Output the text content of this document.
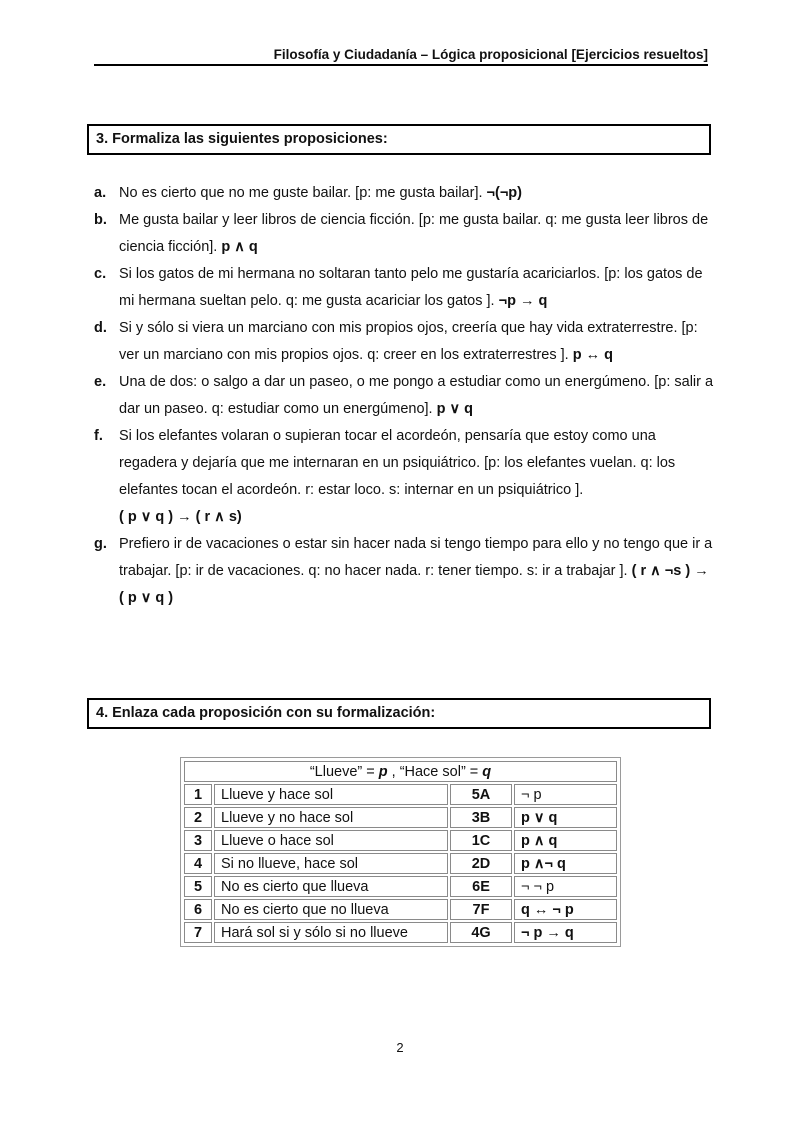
Filosofía y Ciudadanía – Lógica proposicional [Ejercicios resueltos]
3. Formaliza las siguientes proposiciones:
a. No es cierto que no me guste bailar. [p: me gusta bailar]. ¬(¬p)
b. Me gusta bailar y leer libros de ciencia ficción. [p: me gusta bailar. q: me gusta leer libros de ciencia ficción]. p ∧ q
c. Si los gatos de mi hermana no soltaran tanto pelo me gustaría acariciarlos. [p: los gatos de mi hermana sueltan pelo. q: me gusta acariciar los gatos ]. ¬p → q
d. Si y sólo si viera un marciano con mis propios ojos, creería que hay vida extraterrestre. [p: ver un marciano con mis propios ojos. q: creer en los extraterrestres ]. p ↔ q
e. Una de dos: o salgo a dar un paseo, o me pongo a estudiar como un energúmeno. [p: salir a dar un paseo. q: estudiar como un energúmeno]. p ∨ q
f. Si los elefantes volaran o supieran tocar el acordeón, pensaría que estoy como una regadera y dejaría que me internaran en un psiquiátrico. [p: los elefantes vuelan. q: los elefantes tocan el acordeón. r: estar loco. s: internar en un psiquiátrico ].
( p ∨ q ) → ( r ∧ s)
g. Prefiero ir de vacaciones o estar sin hacer nada si tengo tiempo para ello y no tengo que ir a trabajar. [p: ir de vacaciones. q: no hacer nada. r: tener tiempo. s: ir a trabajar ]. ( r ∧ ¬s ) → ( p ∨ q )
4. Enlaza cada proposición con su formalización:
“Llueve” = p , “Hace sol” = q			
1	Llueve y hace sol	5A	¬ p
2	Llueve y no hace sol	3B	p ∨ q
3	Llueve o hace sol	1C	p ∧ q
4	Si no llueve, hace sol	2D	p ∧¬ q
5	No es cierto que llueva	6E	¬ ¬ p
6	No es cierto que no llueva	7F	q ↔ ¬ p
7	Hará sol si y sólo si no llueve	4G	¬ p → q
2
